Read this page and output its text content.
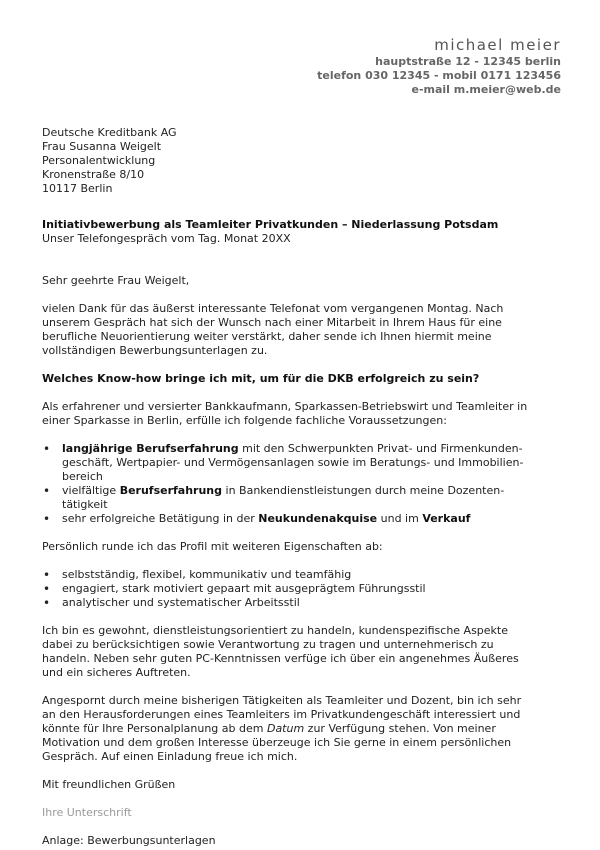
michael meier
hauptstraße 12 - 12345 berlin
telefon 030 12345 - mobil 0171 123456
e-mail m.meier@web.de
Deutsche Kreditbank AG
Frau Susanna Weigelt
Personalentwicklung
Kronenstraße 8/10
10117 Berlin
Initiativbewerbung als Teamleiter Privatkunden – Niederlassung Potsdam
Unser Telefongespräch vom Tag. Monat 20XX
Sehr geehrte Frau Weigelt,
vielen Dank für das äußerst interessante Telefonat vom vergangenen Montag. Nach
unserem Gespräch hat sich der Wunsch nach einer Mitarbeit in Ihrem Haus für eine
berufliche Neuorientierung weiter verstärkt, daher sende ich Ihnen hiermit meine
vollständigen Bewerbungsunterlagen zu.
Welches Know-how bringe ich mit, um für die DKB erfolgreich zu sein?
Als erfahrener und versierter Bankkaufmann, Sparkassen-Betriebswirt und Teamleiter in
einer Sparkasse in Berlin, erfülle ich folgende fachliche Voraussetzungen:
• langjährige Berufserfahrung mit den Schwerpunkten Privat- und Firmenkunden-
geschäft, Wertpapier- und Vermögensanlagen sowie im Beratungs- und Immobilien-
bereich
• vielfältige Berufserfahrung in Bankendienstleistungen durch meine Dozenten-
tätigkeit
• sehr erfolgreiche Betätigung in der Neukundenakquise und im Verkauf
Persönlich runde ich das Profil mit weiteren Eigenschaften ab:
• selbstständig, flexibel, kommunikativ und teamfähig
• engagiert, stark motiviert gepaart mit ausgeprägtem Führungsstil
• analytischer und systematischer Arbeitsstil
Ich bin es gewohnt, dienstleistungsorientiert zu handeln, kundenspezifische Aspekte
dabei zu berücksichtigen sowie Verantwortung zu tragen und unternehmerisch zu
handeln. Neben sehr guten PC-Kenntnissen verfüge ich über ein angenehmes Äußeres
und ein sicheres Auftreten.
Angespornt durch meine bisherigen Tätigkeiten als Teamleiter und Dozent, bin ich sehr
an den Herausforderungen eines Teamleiters im Privatkundengeschäft interessiert und
könnte für Ihre Personalplanung ab dem Datum zur Verfügung stehen. Von meiner
Motivation und dem großen Interesse überzeuge ich Sie gerne in einem persönlichen
Gespräch. Auf einen Einladung freue ich mich.
Mit freundlichen Grüßen
Ihre Unterschrift
Anlage: Bewerbungsunterlagen
